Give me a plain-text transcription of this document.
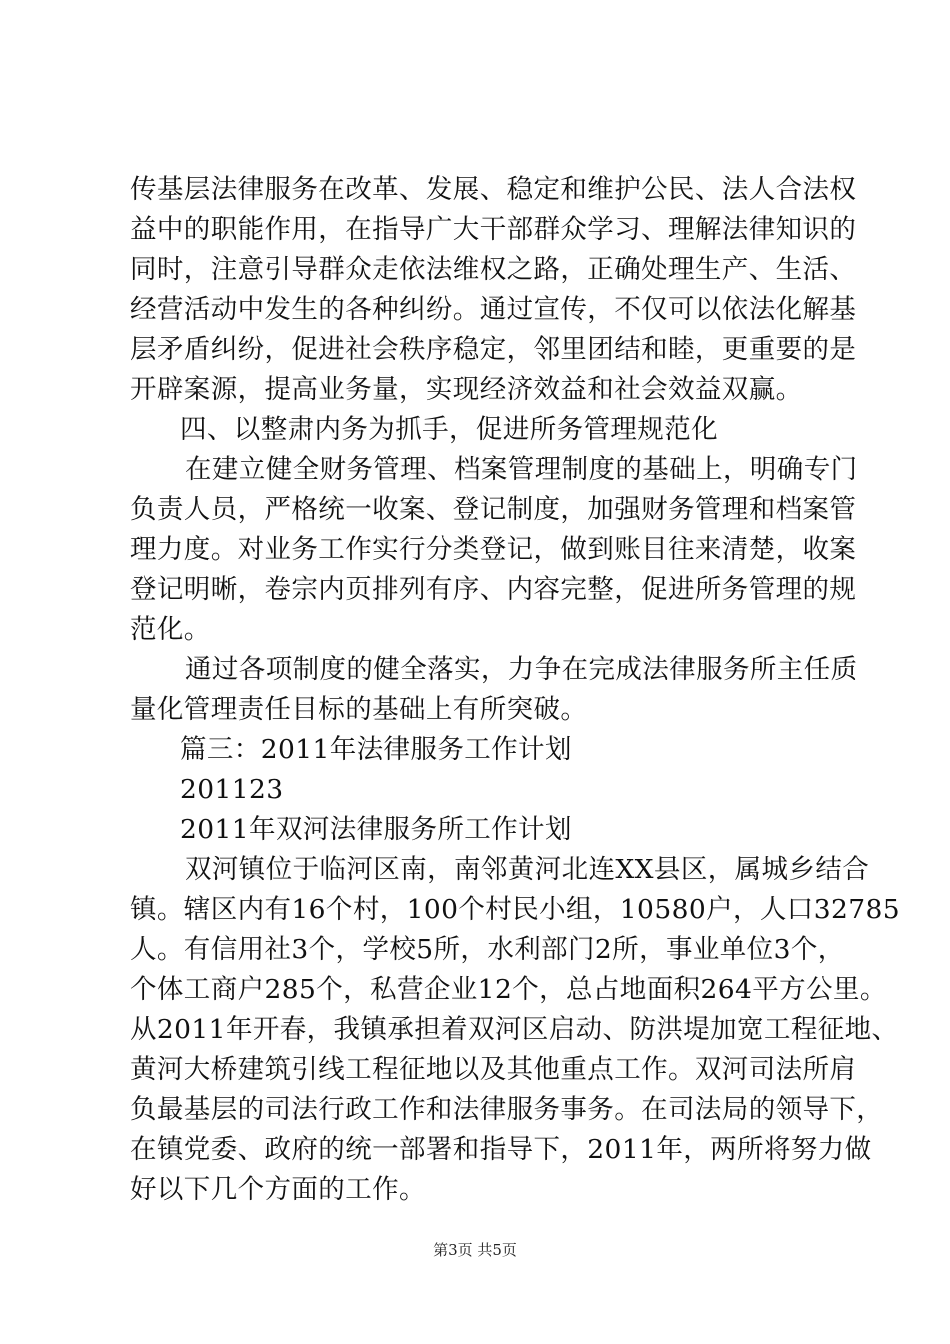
传基层法律服务在改革、发展、稳定和维护公民、法人合法权
益中的职能作用，在指导广大干部群众学习、理解法律知识的
同时，注意引导群众走依法维权之路，正确处理生产、生活、
经营活动中发生的各种纠纷。通过宣传，不仅可以依法化解基
层矛盾纠纷，促进社会秩序稳定，邻里团结和睦，更重要的是
开辟案源，提高业务量，实现经济效益和社会效益双赢。
四、以整肃内务为抓手，促进所务管理规范化
在建立健全财务管理、档案管理制度的基础上，明确专门
负责人员，严格统一收案、登记制度，加强财务管理和档案管
理力度。对业务工作实行分类登记，做到账目往来清楚，收案
登记明晰，卷宗内页排列有序、内容完整，促进所务管理的规
范化。
通过各项制度的健全落实，力争在完成法律服务所主任质
量化管理责任目标的基础上有所突破。
篇三：2011年法律服务工作计划
201123
2011年双河法律服务所工作计划
双河镇位于临河区南，南邻黄河北连XX县区，属城乡结合
镇。辖区内有16个村，100个村民小组，10580户，人口32785
人。有信用社3个，学校5所，水利部门2所，事业单位3个，
个体工商户285个，私营企业12个，总占地面积264平方公里。
从2011年开春，我镇承担着双河区启动、防洪堤加宽工程征地、
黄河大桥建筑引线工程征地以及其他重点工作。双河司法所肩
负最基层的司法行政工作和法律服务事务。在司法局的领导下，
在镇党委、政府的统一部署和指导下，2011年，两所将努力做
好以下几个方面的工作。
第3页 共5页
